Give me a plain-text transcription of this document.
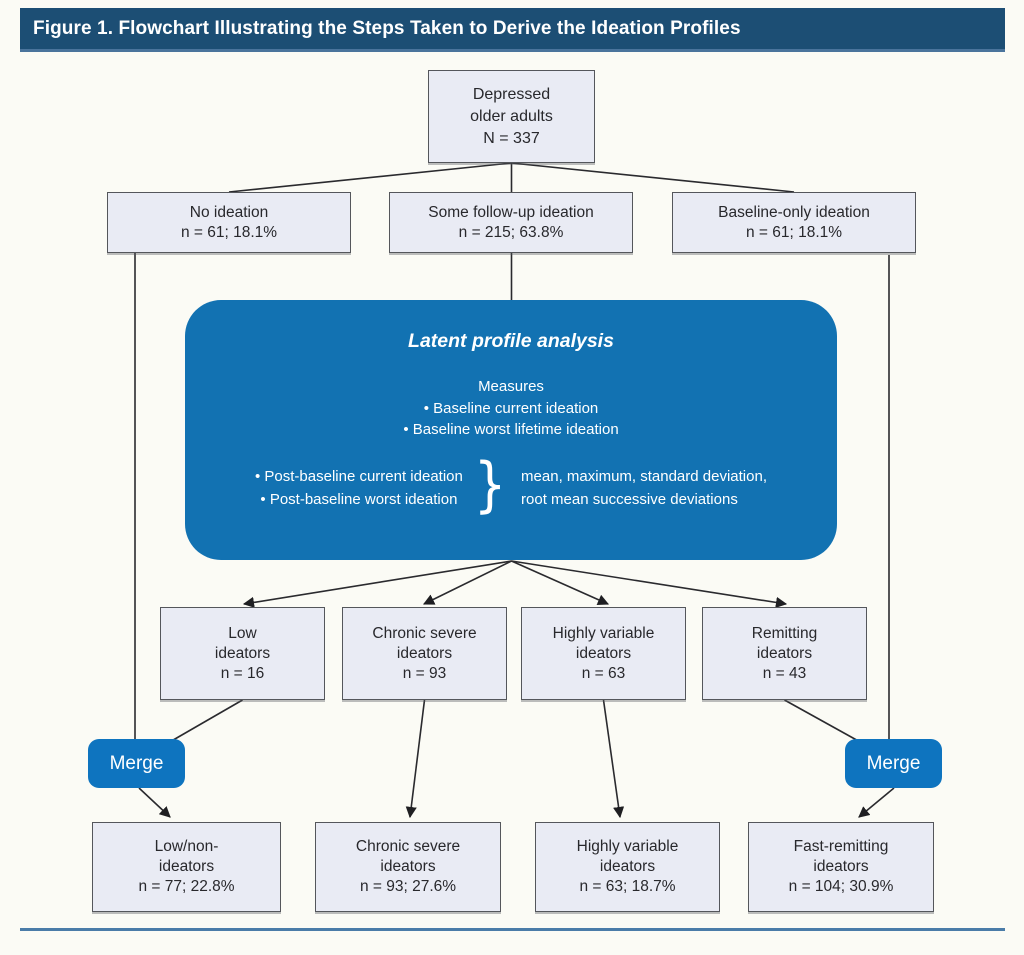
Figure 1. Flowchart Illustrating the Steps Taken to Derive the Ideation Profiles
Depressed
older adults
N = 337
No ideation
n = 61; 18.1%
Some follow-up ideation
n = 215; 63.8%
Baseline-only ideation
n = 61; 18.1%
Latent profile analysis
Measures
• Baseline current ideation
• Baseline worst lifetime ideation
• Post-baseline current ideation
• Post-baseline worst ideation } mean, maximum, standard deviation,
root mean successive deviations
Low
ideators
n = 16
Chronic severe
ideators
n = 93
Highly variable
ideators
n = 63
Remitting
ideators
n = 43
Merge	Merge
Low/non-
ideators
n = 77; 22.8%
Chronic severe
ideators
n = 93; 27.6%
Highly variable
ideators
n = 63; 18.7%
Fast-remitting
ideators
n = 104; 30.9%
